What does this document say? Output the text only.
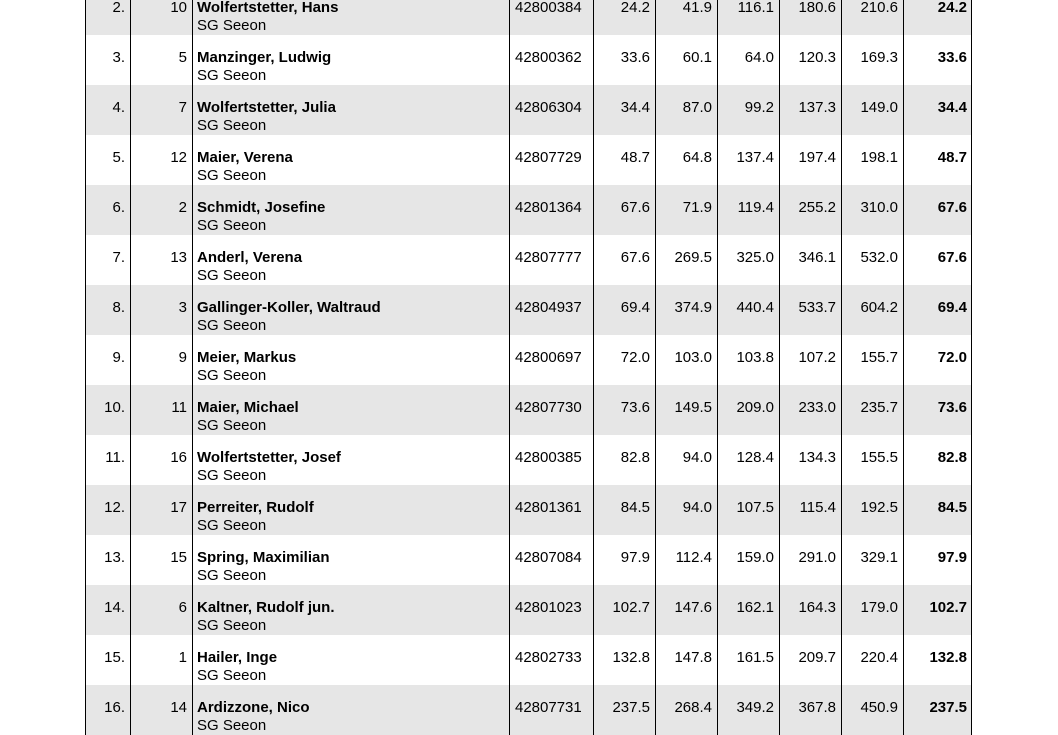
2.	10	Wolfertstetter, Hans
SG Seeon	42800384	24.2	41.9	116.1	180.6	210.6	24.2

3.	5	Manzinger, Ludwig
SG Seeon	42800362	33.6	60.1	64.0	120.3	169.3	33.6

4.	7	Wolfertstetter, Julia
SG Seeon	42806304	34.4	87.0	99.2	137.3	149.0	34.4

5.	12	Maier, Verena
SG Seeon	42807729	48.7	64.8	137.4	197.4	198.1	48.7

6.	2	Schmidt, Josefine
SG Seeon	42801364	67.6	71.9	119.4	255.2	310.0	67.6

7.	13	Anderl, Verena
SG Seeon	42807777	67.6	269.5	325.0	346.1	532.0	67.6

8.	3	Gallinger-Koller, Waltraud
SG Seeon	42804937	69.4	374.9	440.4	533.7	604.2	69.4

9.	9	Meier, Markus
SG Seeon	42800697	72.0	103.0	103.8	107.2	155.7	72.0

10.	11	Maier, Michael
SG Seeon	42807730	73.6	149.5	209.0	233.0	235.7	73.6

11.	16	Wolfertstetter, Josef
SG Seeon	42800385	82.8	94.0	128.4	134.3	155.5	82.8

12.	17	Perreiter, Rudolf
SG Seeon	42801361	84.5	94.0	107.5	115.4	192.5	84.5

13.	15	Spring, Maximilian
SG Seeon	42807084	97.9	112.4	159.0	291.0	329.1	97.9

14.	6	Kaltner, Rudolf jun.
SG Seeon	42801023	102.7	147.6	162.1	164.3	179.0	102.7

15.	1	Hailer, Inge
SG Seeon	42802733	132.8	147.8	161.5	209.7	220.4	132.8

16.	14	Ardizzone, Nico
SG Seeon	42807731	237.5	268.4	349.2	367.8	450.9	237.5
